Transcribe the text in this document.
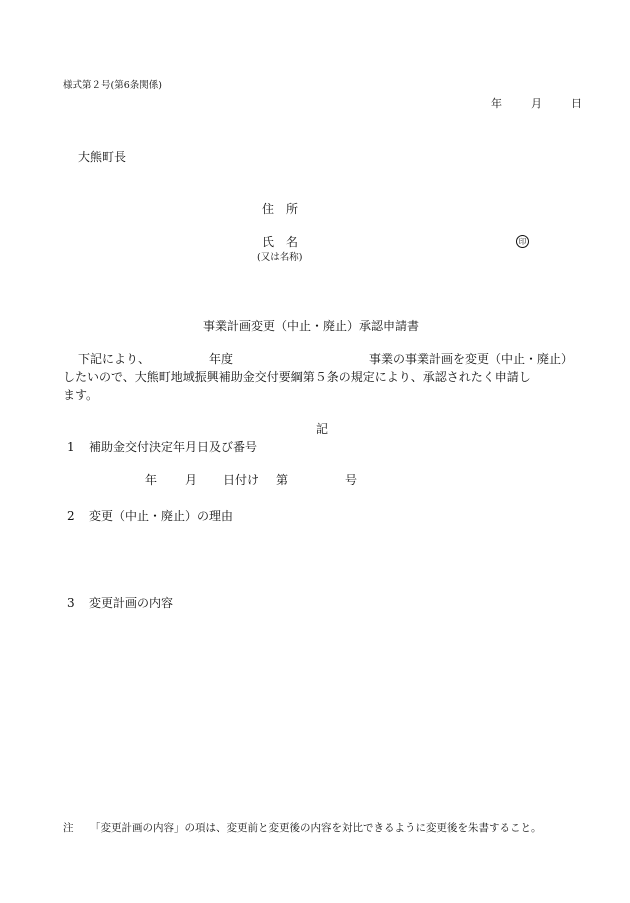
様式第２号(第6条関係)
年	月	日
大熊町長
住　所
氏　名	印
(又は名称)
事業計画変更（中止・廃止）承認申請書
下記により、	年度	事業の事業計画を変更（中止・廃止）
したいので、大熊町地域振興補助金交付要綱第５条の規定により、承認されたく申請し
ます。
記
1 補助金交付決定年月日及び番号
年 月 日付け 第	号
2 変更（中止・廃止）の理由
3 変更計画の内容
注 「変更計画の内容」の項は、変更前と変更後の内容を対比できるように変更後を朱書すること。
